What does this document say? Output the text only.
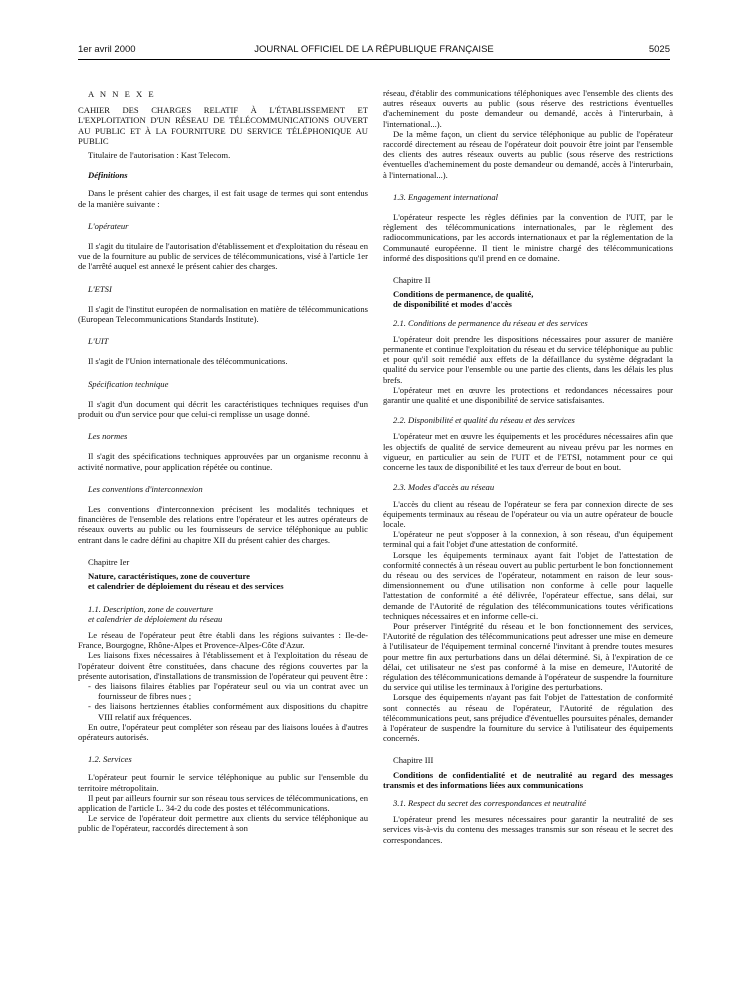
1er avril 2000	JOURNAL OFFICIEL DE LA RÉPUBLIQUE FRANÇAISE	5025

A N N E X E

CAHIER DES CHARGES RELATIF À L'ÉTABLISSEMENT ET L'EXPLOITATION D'UN RÉSEAU DE TÉLÉCOMMUNICATIONS OUVERT AU PUBLIC ET À LA FOURNITURE DU SERVICE TÉLÉPHONIQUE AU PUBLIC

Titulaire de l'autorisation : Kast Telecom.

Définitions

Dans le présent cahier des charges, il est fait usage de termes qui sont entendus de la manière suivante :

L'opérateur

Il s'agit du titulaire de l'autorisation d'établissement et d'exploitation du réseau en vue de la fourniture au public de services de télécommunications, visé à l'article 1er de l'arrêté auquel est annexé le présent cahier des charges.

L'ETSI

Il s'agit de l'institut européen de normalisation en matière de télécommunications (European Telecommunications Standards Institute).

L'UIT

Il s'agit de l'Union internationale des télécommunications.

Spécification technique

Il s'agit d'un document qui décrit les caractéristiques techniques requises d'un produit ou d'un service pour que celui-ci remplisse un usage donné.

Les normes

Il s'agit des spécifications techniques approuvées par un organisme reconnu à activité normative, pour application répétée ou continue.

Les conventions d'interconnexion

Les conventions d'interconnexion précisent les modalités techniques et financières de l'ensemble des relations entre l'opérateur et les autres opérateurs de réseaux ouverts au public ou les fournisseurs de service téléphonique au public entrant dans le cadre défini au chapitre XII du présent cahier des charges.

Chapitre Ier

Nature, caractéristiques, zone de couverture

et calendrier de déploiement du réseau et des services

1.1. Description, zone de couverture

et calendrier de déploiement du réseau

Le réseau de l'opérateur peut être établi dans les régions suivantes : Ile-de-France, Bourgogne, Rhône-Alpes et Provence-Alpes-Côte d'Azur.

Les liaisons fixes nécessaires à l'établissement et à l'exploitation du réseau de l'opérateur doivent être constituées, dans chacune des régions couvertes par la présente autorisation, d'installations de transmission de l'opérateur qui peuvent être :

- des liaisons filaires établies par l'opérateur seul ou via un contrat avec un fournisseur de fibres nues ;
- des liaisons hertziennes établies conformément aux dispositions du chapitre VIII relatif aux fréquences.

En outre, l'opérateur peut compléter son réseau par des liaisons louées à d'autres opérateurs autorisés.

1.2. Services

L'opérateur peut fournir le service téléphonique au public sur l'ensemble du territoire métropolitain.

Il peut par ailleurs fournir sur son réseau tous services de télécommunications, en application de l'article L. 34-2 du code des postes et télécommunications.

Le service de l'opérateur doit permettre aux clients du service téléphonique au public de l'opérateur, raccordés directement à son

réseau, d'établir des communications téléphoniques avec l'ensemble des clients des autres réseaux ouverts au public (sous réserve des restrictions éventuelles d'acheminement du poste demandeur ou demandé, accès à l'interurbain, à l'international...).

De la même façon, un client du service téléphonique au public de l'opérateur raccordé directement au réseau de l'opérateur doit pouvoir être joint par l'ensemble des clients des autres réseaux ouverts au public (sous réserve des restrictions éventuelles d'acheminement du poste demandeur ou demandé, accès à l'interurbain, à l'international...).

1.3. Engagement international

L'opérateur respecte les règles définies par la convention de l'UIT, par le règlement des télécommunications internationales, par le règlement des radiocommunications, par les accords internationaux et par la réglementation de la Communauté européenne. Il tient le ministre chargé des télécommunications informé des dispositions qu'il prend en ce domaine.

Chapitre II

Conditions de permanence, de qualité,

de disponibilité et modes d'accès

2.1. Conditions de permanence du réseau et des services

L'opérateur doit prendre les dispositions nécessaires pour assurer de manière permanente et continue l'exploitation du réseau et du service téléphonique au public et pour qu'il soit remédié aux effets de la défaillance du système dégradant la qualité du service pour l'ensemble ou une partie des clients, dans les délais les plus brefs.

L'opérateur met en œuvre les protections et redondances nécessaires pour garantir une qualité et une disponibilité de service satisfaisantes.

2.2. Disponibilité et qualité du réseau et des services

L'opérateur met en œuvre les équipements et les procédures nécessaires afin que les objectifs de qualité de service demeurent au niveau prévu par les normes en vigueur, en particulier au sein de l'UIT et de l'ETSI, notamment pour ce qui concerne les taux de disponibilité et les taux d'erreur de bout en bout.

2.3. Modes d'accès au réseau

L'accès du client au réseau de l'opérateur se fera par connexion directe de ses équipements terminaux au réseau de l'opérateur ou via un autre opérateur de boucle locale.

L'opérateur ne peut s'opposer à la connexion, à son réseau, d'un équipement terminal qui a fait l'objet d'une attestation de conformité.

Lorsque les équipements terminaux ayant fait l'objet de l'attestation de conformité connectés à un réseau ouvert au public perturbent le bon fonctionnement du réseau ou des services de l'opérateur, notamment en raison de leur sous-dimensionnement ou d'une utilisation non conforme à celle pour laquelle l'attestation de conformité a été délivrée, l'opérateur effectue, sans délai, sur demande de l'Autorité de régulation des télécommunications toutes vérifications techniques nécessaires et en informe celle-ci.

Pour préserver l'intégrité du réseau et le bon fonctionnement des services, l'Autorité de régulation des télécommunications peut adresser une mise en demeure à l'utilisateur de l'équipement terminal concerné l'invitant à prendre toutes mesures pour mettre fin aux perturbations dans un délai déterminé. Si, à l'expiration de ce délai, cet utilisateur ne s'est pas conformé à la mise en demeure, l'Autorité de régulation des télécommunications demande à l'opérateur de suspendre la fourniture du service qui utilise les terminaux à l'origine des perturbations.

Lorsque des équipements n'ayant pas fait l'objet de l'attestation de conformité sont connectés au réseau de l'opérateur, l'Autorité de régulation des télécommunications peut, sans préjudice d'éventuelles poursuites pénales, demander à l'opérateur de suspendre la fourniture du service à l'utilisateur des équipements concernés.

Chapitre III

Conditions de confidentialité et de neutralité au regard des messages transmis et des informations liées aux communications

3.1. Respect du secret des correspondances et neutralité

L'opérateur prend les mesures nécessaires pour garantir la neutralité de ses services vis-à-vis du contenu des messages transmis sur son réseau et le secret des correspondances.
